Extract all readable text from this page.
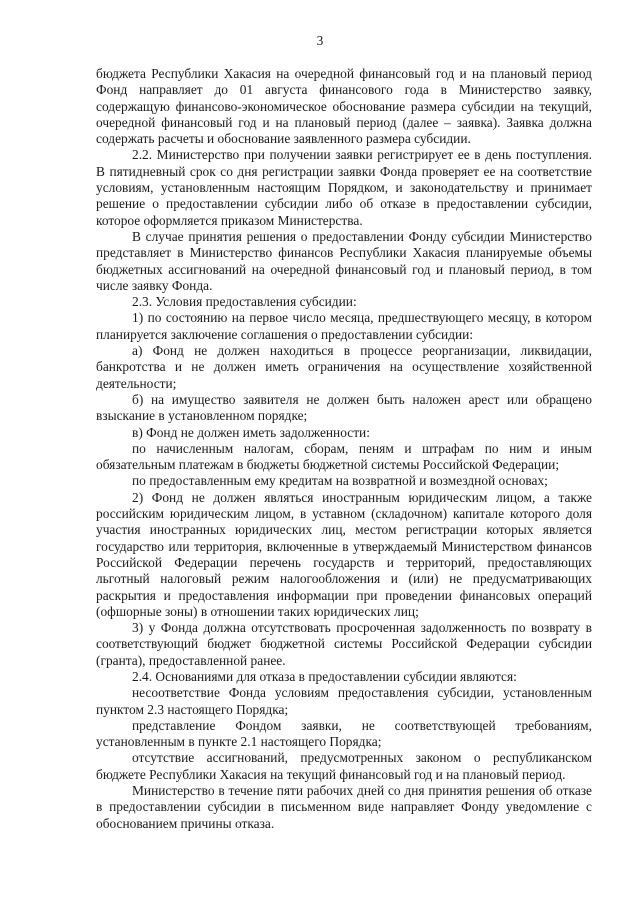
3

бюджета Республики Хакасия на очередной финансовый год и на плановый период Фонд направляет до 01 августа финансового года в Министерство заявку, содержащую финансово-экономическое обоснование размера субсидии на текущий, очередной финансовый год и на плановый период (далее – заявка). Заявка должна содержать расчеты и обоснование заявленного размера субсидии.

2.2. Министерство при получении заявки регистрирует ее в день поступления. В пятидневный срок со дня регистрации заявки Фонда проверяет ее на соответствие условиям, установленным настоящим Порядком, и законодательству и принимает решение о предоставлении субсидии либо об отказе в предоставлении субсидии, которое оформляется приказом Министерства.

В случае принятия решения о предоставлении Фонду субсидии Министерство представляет в Министерство финансов Республики Хакасия планируемые объемы бюджетных ассигнований на очередной финансовый год и плановый период, в том числе заявку Фонда.

2.3. Условия предоставления субсидии:

1) по состоянию на первое число месяца, предшествующего месяцу, в котором планируется заключение соглашения о предоставлении субсидии:

а) Фонд не должен находиться в процессе реорганизации, ликвидации, банкротства и не должен иметь ограничения на осуществление хозяйственной деятельности;

б) на имущество заявителя не должен быть наложен арест или обращено взыскание в установленном порядке;

в) Фонд не должен иметь задолженности:

по начисленным налогам, сборам, пеням и штрафам по ним и иным обязательным платежам в бюджеты бюджетной системы Российской Федерации;

по предоставленным ему кредитам на возвратной и возмездной основах;

2) Фонд не должен являться иностранным юридическим лицом, а также российским юридическим лицом, в уставном (складочном) капитале которого доля участия иностранных юридических лиц, местом регистрации которых является государство или территория, включенные в утверждаемый Министерством финансов Российской Федерации перечень государств и территорий, предоставляющих льготный налоговый режим налогообложения и (или) не предусматривающих раскрытия и предоставления информации при проведении финансовых операций (офшорные зоны) в отношении таких юридических лиц;

3) у Фонда должна отсутствовать просроченная задолженность по возврату в соответствующий бюджет бюджетной системы Российской Федерации субсидии (гранта), предоставленной ранее.

2.4. Основаниями для отказа в предоставлении субсидии являются:

несоответствие Фонда условиям предоставления субсидии, установленным пунктом 2.3 настоящего Порядка;

представление Фондом заявки, не соответствующей требованиям, установленным в пункте 2.1 настоящего Порядка;

отсутствие ассигнований, предусмотренных законом о республиканском бюджете Республики Хакасия на текущий финансовый год и на плановый период.

Министерство в течение пяти рабочих дней со дня принятия решения об отказе в предоставлении субсидии в письменном виде направляет Фонду уведомление с обоснованием причины отказа.
